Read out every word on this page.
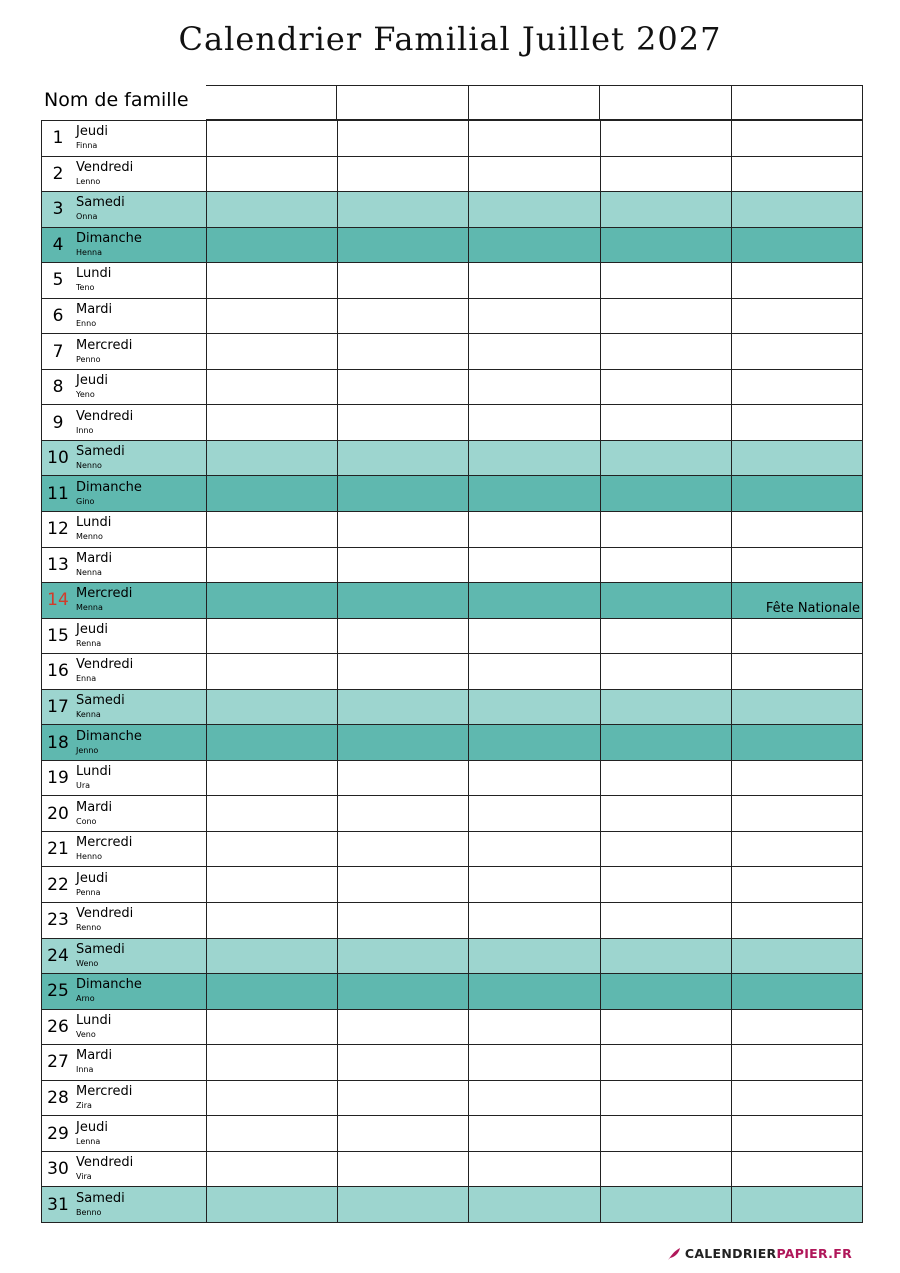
Calendrier Familial Juillet 2027
Nom de famille
1 Jeudi
Finna
2 Vendredi
Lenno
3 Samedi
Onna
4 Dimanche
Henna
5 Lundi
Teno
6 Mardi
Enno
7 Mercredi
Penno
8 Jeudi
Yeno
9 Vendredi
Inno
10 Samedi
Nenno
11 Dimanche
Gino
12 Lundi
Menno
13 Mardi
Nenna
14 Mercredi
Menna	Fête Nationale
15 Jeudi
Renna
16 Vendredi
Enna
17 Samedi
Kenna
18 Dimanche
Jenno
19 Lundi
Ura
20 Mardi
Cono
21 Mercredi
Henno
22 Jeudi
Penna
23 Vendredi
Renno
24 Samedi
Weno
25 Dimanche
Arno
26 Lundi
Veno
27 Mardi
Inna
28 Mercredi
Zira
29 Jeudi
Lenna
30 Vendredi
Vira
31 Samedi
Benno
CALENDRIER PAPIER.FR
